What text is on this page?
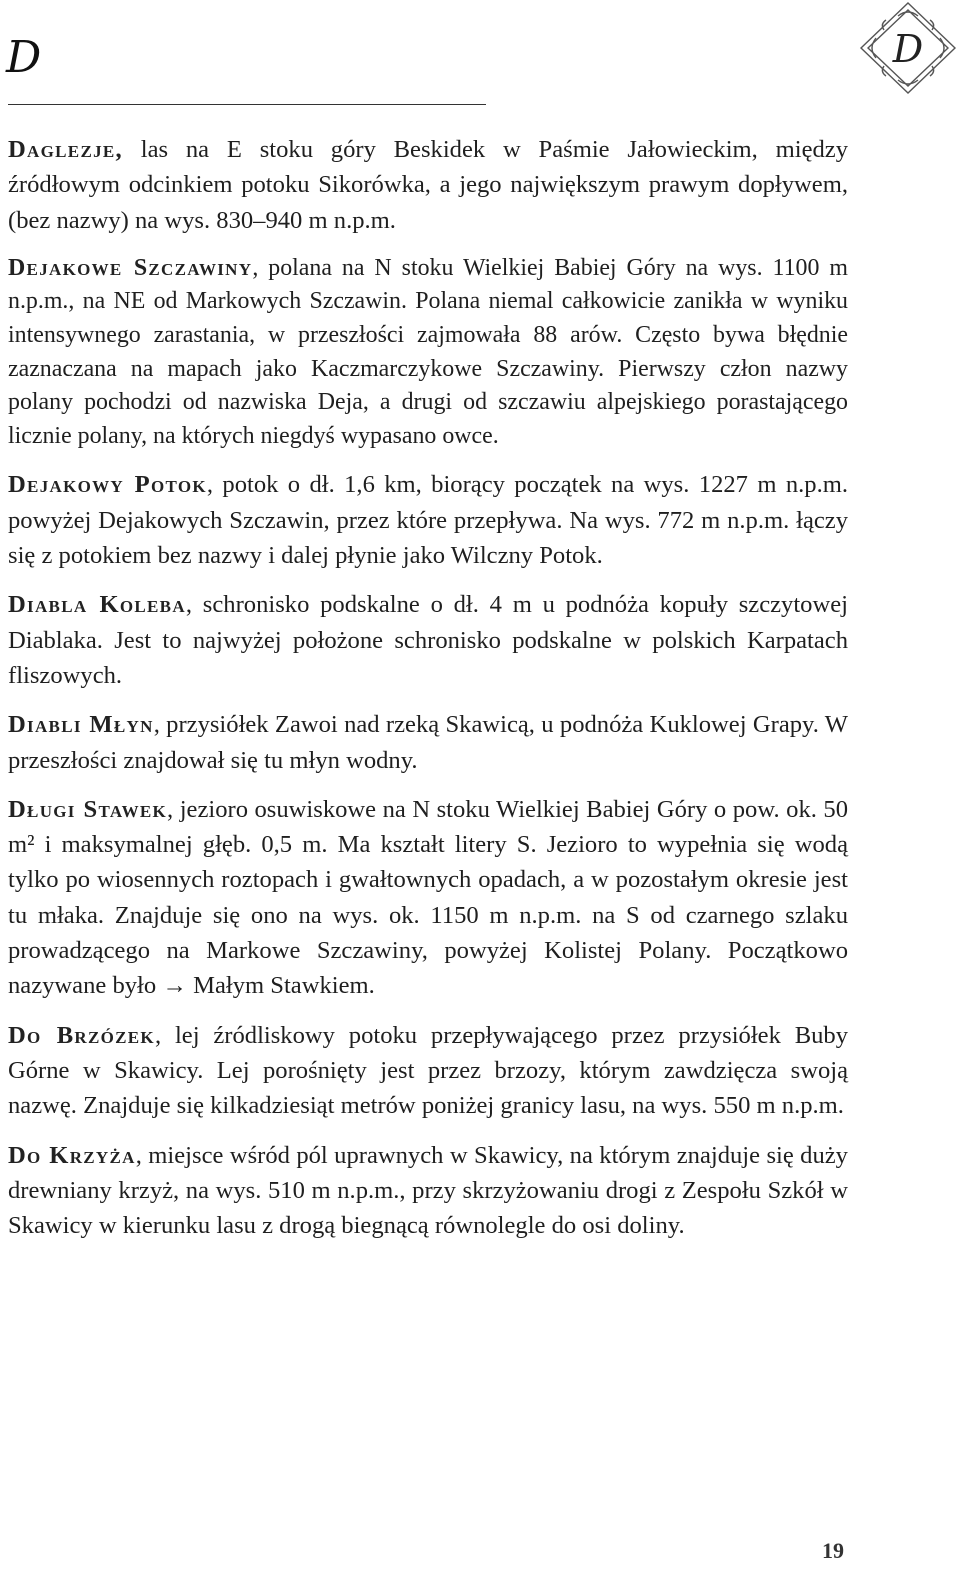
D	D

Daglezje, las na E stoku góry Beskidek w Paśmie Jałowieckim, między źródłowym odcinkiem potoku Sikorówka, a jego największym prawym dopływem, (bez nazwy) na wys. 830–940 m n.p.m.

Dejakowe Szczawiny, polana na N stoku Wielkiej Babiej Góry na wys. 1100 m n.p.m., na NE od Markowych Szczawin. Polana niemal całkowicie zanikła w wyniku intensywnego zarastania, w przeszłości zajmowała 88 arów. Często bywa błędnie zaznaczana na mapach jako Kaczmarczykowe Szczawiny. Pierwszy człon nazwy polany pochodzi od nazwiska Deja, a drugi od szczawiu alpejskiego porastającego licznie polany, na których niegdyś wypasano owce.

Dejakowy Potok, potok o dł. 1,6 km, biorący początek na wys. 1227 m n.p.m. powyżej Dejakowych Szczawin, przez które przepływa. Na wys. 772 m n.p.m. łączy się z potokiem bez nazwy i dalej płynie jako Wilczny Potok.

Diabla Koleba, schronisko podskalne o dł. 4 m u podnóża kopuły szczytowej Diablaka. Jest to najwyżej położone schronisko podskalne w polskich Karpatach fliszowych.

Diabli Młyn, przysiółek Zawoi nad rzeką Skawicą, u podnóża Kuklowej Grapy. W przeszłości znajdował się tu młyn wodny.

Długi Stawek, jezioro osuwiskowe na N stoku Wielkiej Babiej Góry o pow. ok. 50 m² i maksymalnej głęb. 0,5 m. Ma kształt litery S. Jezioro to wypełnia się wodą tylko po wiosennych roztopach i gwałtownych opadach, a w pozostałym okresie jest tu młaka. Znajduje się ono na wys. ok. 1150 m n.p.m. na S od czarnego szlaku prowadzącego na Markowe Szczawiny, powyżej Kolistej Polany. Początkowo nazywane było → Małym Stawkiem.

Do Brzózek, lej źródliskowy potoku przepływającego przez przysiółek Buby Górne w Skawicy. Lej porośnięty jest przez brzozy, którym zawdzięcza swoją nazwę. Znajduje się kilkadziesiąt metrów poniżej granicy lasu, na wys. 550 m n.p.m.

Do Krzyża, miejsce wśród pól uprawnych w Skawicy, na którym znajduje się duży drewniany krzyż, na wys. 510 m n.p.m., przy skrzyżowaniu drogi z Zespołu Szkół w Skawicy w kierunku lasu z drogą biegnącą równolegle do osi doliny.

19
